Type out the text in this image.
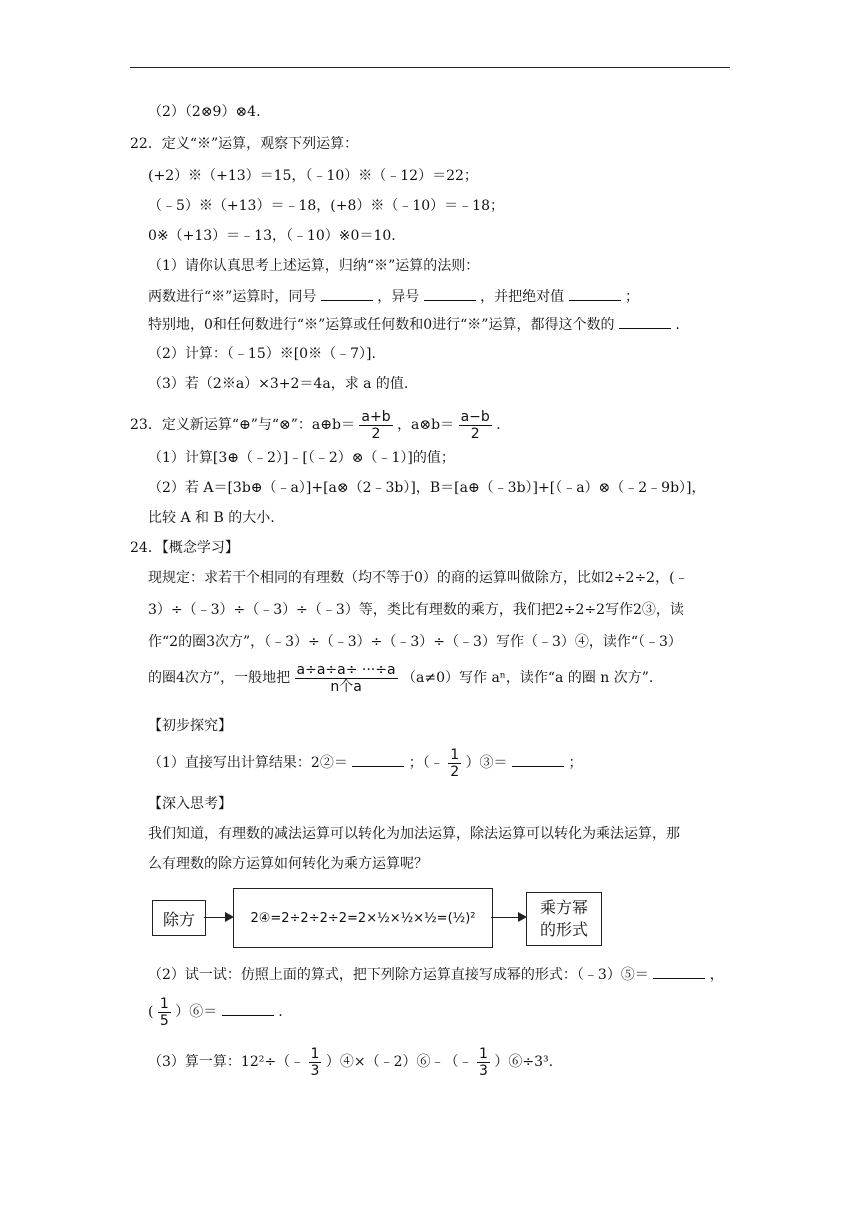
（2）（2⊗9）⊗4.
22．定义“※”运算，观察下列运算：
(+2）※（+13）＝15，（﹣10）※（﹣12）＝22；
（﹣5）※（+13）＝﹣18，(+8）※（﹣10）＝﹣18；
0※（+13）＝﹣13，（﹣10）※0＝10.
（1）请你认真思考上述运算，归纳“※”运算的法则：
两数进行“※”运算时，同号	，异号	，并把绝对值	；
特别地，0和任何数进行“※”运算或任何数和0进行“※”运算，都得这个数的	.
（2）计算：（﹣15）※[0※（﹣7）].
（3）若（2※a）×3+2＝4a，求 a 的值.
23．定义新运算“⊕”与“⊗”：a⊕b＝ $\frac{a+b}{2}$ ，a⊗b＝ $\frac{a-b}{2}$ .
（1）计算[3⊕（﹣2）]﹣[（﹣2）⊗（﹣1）]的值；
（2）若 A＝[3b⊕（﹣a）]+[a⊗（2﹣3b）]，B＝[a⊕（﹣3b）]+[（﹣a）⊗（﹣2﹣9b）]，
比较 A 和 B 的大小.
24．【概念学习】
现规定：求若干个相同的有理数（均不等于0）的商的运算叫做除方，比如2÷2÷2，(﹣
3）÷（﹣3）÷（﹣3）÷（﹣3）等，类比有理数的乘方，我们把2÷2÷2写作2③，读
作“2的圈3次方”，（﹣3）÷（﹣3）÷（﹣3）÷（﹣3）写作（﹣3）④，读作“（﹣3）
的圈4次方”，一般地把 $\frac{a\div a\div a\div \cdot\cdot\cdot\div a}{\text{n个a}} (a\ne 0)$写作 aⁿ，读作“a 的圈 n 次方”.
【初步探究】
（1）直接写出计算结果：2②＝	；（﹣ $\frac{1}{2}$ ）③＝	；
【深入思考】
我们知道，有理数的减法运算可以转化为加法运算，除法运算可以转化为乘法运算，那
么有理数的除方运算如何转化为乘方运算呢？
除方	2④=2÷2÷2÷2=2×½×½×½=(½)²
乘方幂
的形式
（2）试一试：仿照上面的算式，把下列除方运算直接写成幂的形式：（﹣3）⑤＝	，
( $\frac{1}{5}$ ）⑥＝	.
（3）算一算：12²÷（﹣ $\frac{1}{3}$ ）④×（﹣2）⑥﹣（﹣ $\frac{1}{3}$ ）⑥÷3³.
